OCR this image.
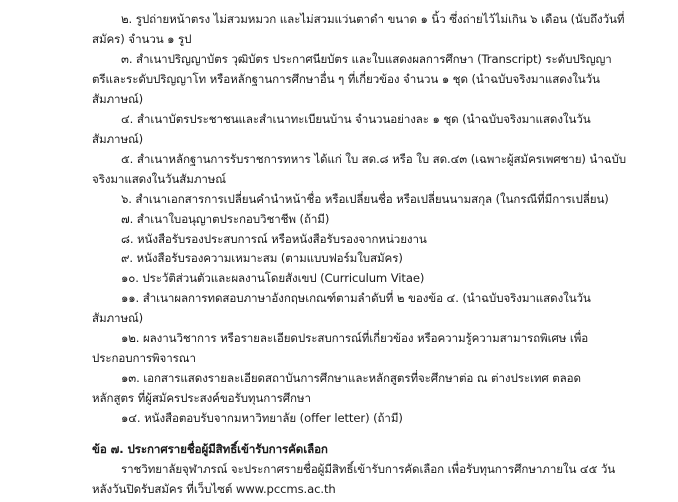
๒. รูปถ่ายหน้าตรง ไม่สวมหมวก และไม่สวมแว่นตาดำ ขนาด ๑ นิ้ว ซึ่งถ่ายไว้ไม่เกิน ๖ เดือน (นับถึงวันที่
สมัคร) จำนวน ๑ รูป
๓. สำเนาปริญญาบัตร วุฒิบัตร ประกาศนียบัตร และใบแสดงผลการศึกษา (Transcript) ระดับปริญญา
ตรีและระดับปริญญาโท หรือหลักฐานการศึกษาอื่น ๆ ที่เกี่ยวข้อง จำนวน ๑ ชุด (นำฉบับจริงมาแสดงในวัน
สัมภาษณ์)
๔. สำเนาบัตรประชาชนและสำเนาทะเบียนบ้าน จำนวนอย่างละ ๑ ชุด (นำฉบับจริงมาแสดงในวัน
สัมภาษณ์)
๕. สำเนาหลักฐานการรับราชการทหาร ได้แก่ ใบ สด.๘ หรือ ใบ สด.๔๓ (เฉพาะผู้สมัครเพศชาย) นำฉบับ
จริงมาแสดงในวันสัมภาษณ์
๖. สำเนาเอกสารการเปลี่ยนคำนำหน้าชื่อ หรือเปลี่ยนชื่อ หรือเปลี่ยนนามสกุล (ในกรณีที่มีการเปลี่ยน)
๗. สำเนาใบอนุญาตประกอบวิชาชีพ (ถ้ามี)
๘. หนังสือรับรองประสบการณ์ หรือหนังสือรับรองจากหน่วยงาน
๙. หนังสือรับรองความเหมาะสม (ตามแบบฟอร์มใบสมัคร)
๑๐. ประวัติส่วนตัวและผลงานโดยสังเขป (Curriculum Vitae)
๑๑. สำเนาผลการทดสอบภาษาอังกฤษเกณฑ์ตามลำดับที่ ๒ ของข้อ ๔. (นำฉบับจริงมาแสดงในวัน
สัมภาษณ์)
๑๒. ผลงานวิชาการ หรือรายละเอียดประสบการณ์ที่เกี่ยวข้อง หรือความรู้ความสามารถพิเศษ เพื่อ
ประกอบการพิจารณา
๑๓. เอกสารแสดงรายละเอียดสถาบันการศึกษาและหลักสูตรที่จะศึกษาต่อ ณ ต่างประเทศ ตลอด
หลักสูตร ที่ผู้สมัครประสงค์ขอรับทุนการศึกษา
๑๔. หนังสือตอบรับจากมหาวิทยาลัย (offer letter) (ถ้ามี)
ข้อ ๗. ประกาศรายชื่อผู้มีสิทธิ์เข้ารับการคัดเลือก
ราชวิทยาลัยจุฬาภรณ์ จะประกาศรายชื่อผู้มีสิทธิ์เข้ารับการคัดเลือก เพื่อรับทุนการศึกษาภายใน ๔๕ วัน
หลังวันปิดรับสมัคร ที่เว็บไซต์ www.pccms.ac.th
